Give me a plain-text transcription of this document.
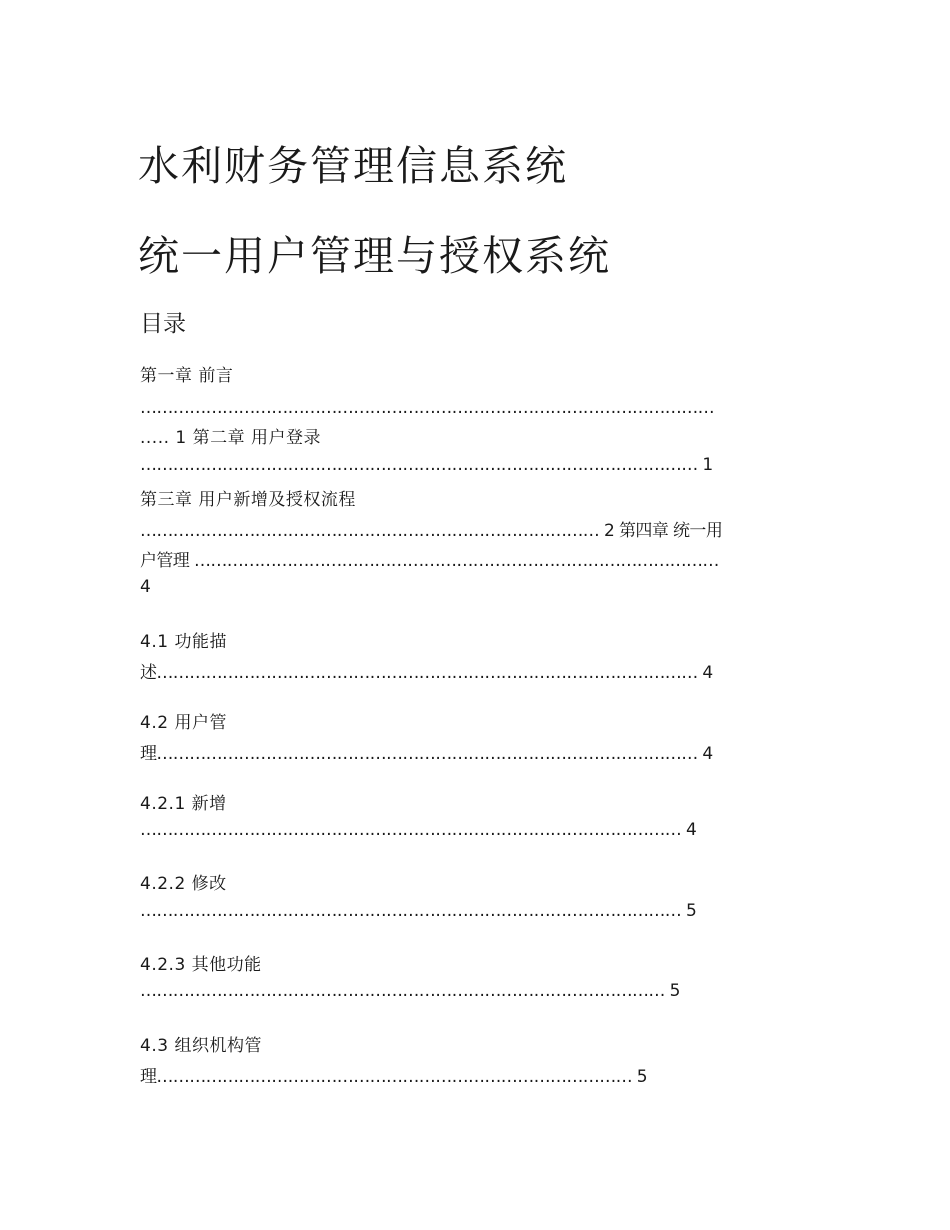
水利财务管理信息系统
统一用户管理与授权系统
目录
第一章 前言
……………………………………………………………………………………………
..... 1 第二章 用户登录
………………………………………………………………………………………… 1
第三章 用户新增及授权流程
………………………………………………………………………… 2 第四章 统一用
户管理 ……………………………………………………………………………………
4
4.1 功能描
述……………………………………………………………………………………… 4
4.2 用户管
理……………………………………………………………………………………… 4
4.2.1 新增
……………………………………………………………………………………… 4
4.2.2 修改
……………………………………………………………………………………… 5
4.2.3 其他功能
…………………………………………………………………………………… 5
4.3 组织机构管
理…………………………………………………………………………… 5
